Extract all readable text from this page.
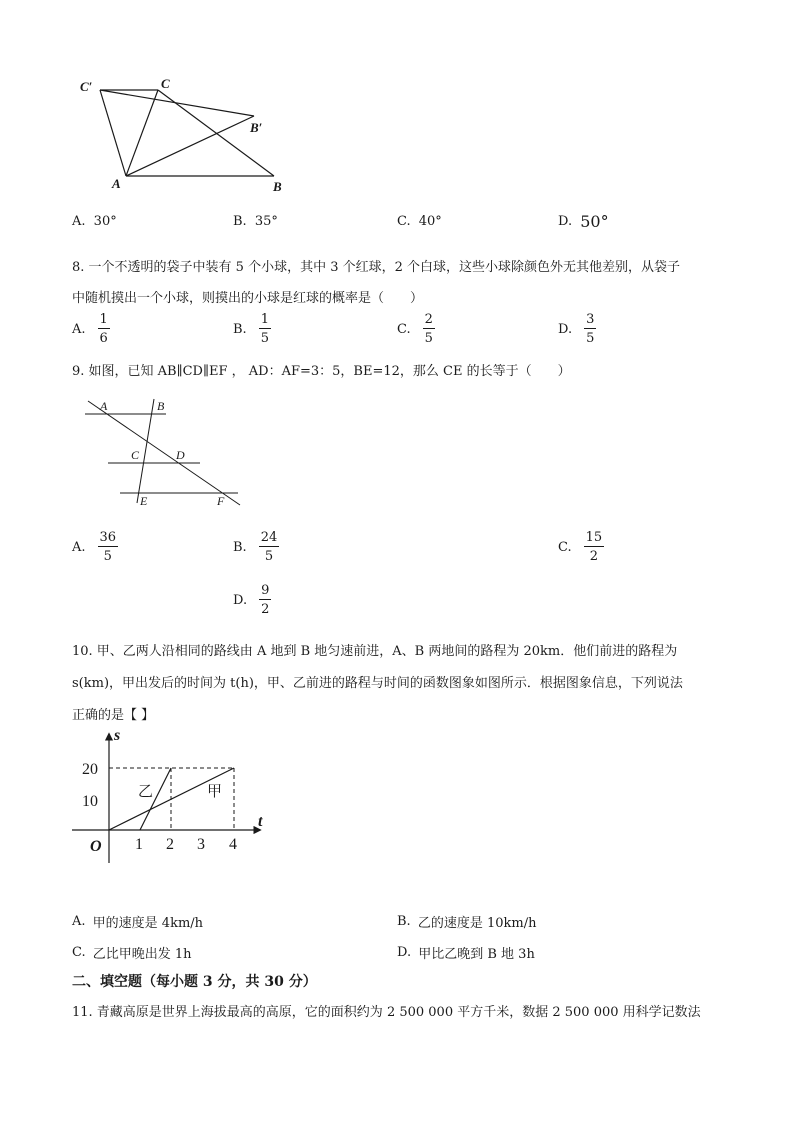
C′	C
B′
A	B
A.
30°	B.
35°	C.
40°	D.
50°
8. 一个不透明的袋子中装有 5 个小球，其中 3 个红球，2 个白球，这些小球除颜色外无其他差别，从袋子
中随机摸出一个小球，则摸出的小球是红球的概率是（　　）
A. $\frac{1}{6}$	B. $\frac{1}{5}$	C. $\frac{2}{5}$	D. $\frac{3}{5}$
9. 如图，已知 AB∥CD∥EF ， AD：AF=3：5，BE=12，那么 CE 的长等于（　　）
A	B
C	D
E	F
A. $\frac{36}{5}$	B. $\frac{24}{5}$	C. $\frac{15}{2}$
D. $\frac{9}{2}$
10. 甲、乙两人沿相同的路线由 A 地到 B 地匀速前进，A、B 两地间的路程为 20km．他们前进的路程为
s(km)，甲出发后的时间为 t(h)，甲、乙前进的路程与时间的函数图象如图所示．根据图象信息，下列说法
正确的是【 】
s
t
O
20
10
1 2 3 4
乙	甲
A.
甲的速度是 4km/h	B.
乙的速度是 10km/h
C.
乙比甲晚出发 1h	D.
甲比乙晚到 B 地 3h
二、填空题（每小题 3 分，共 30 分）
11. 青藏高原是世界上海拔最高的高原，它的面积约为 2 500 000 平方千米，数据 2 500 000 用科学记数法
